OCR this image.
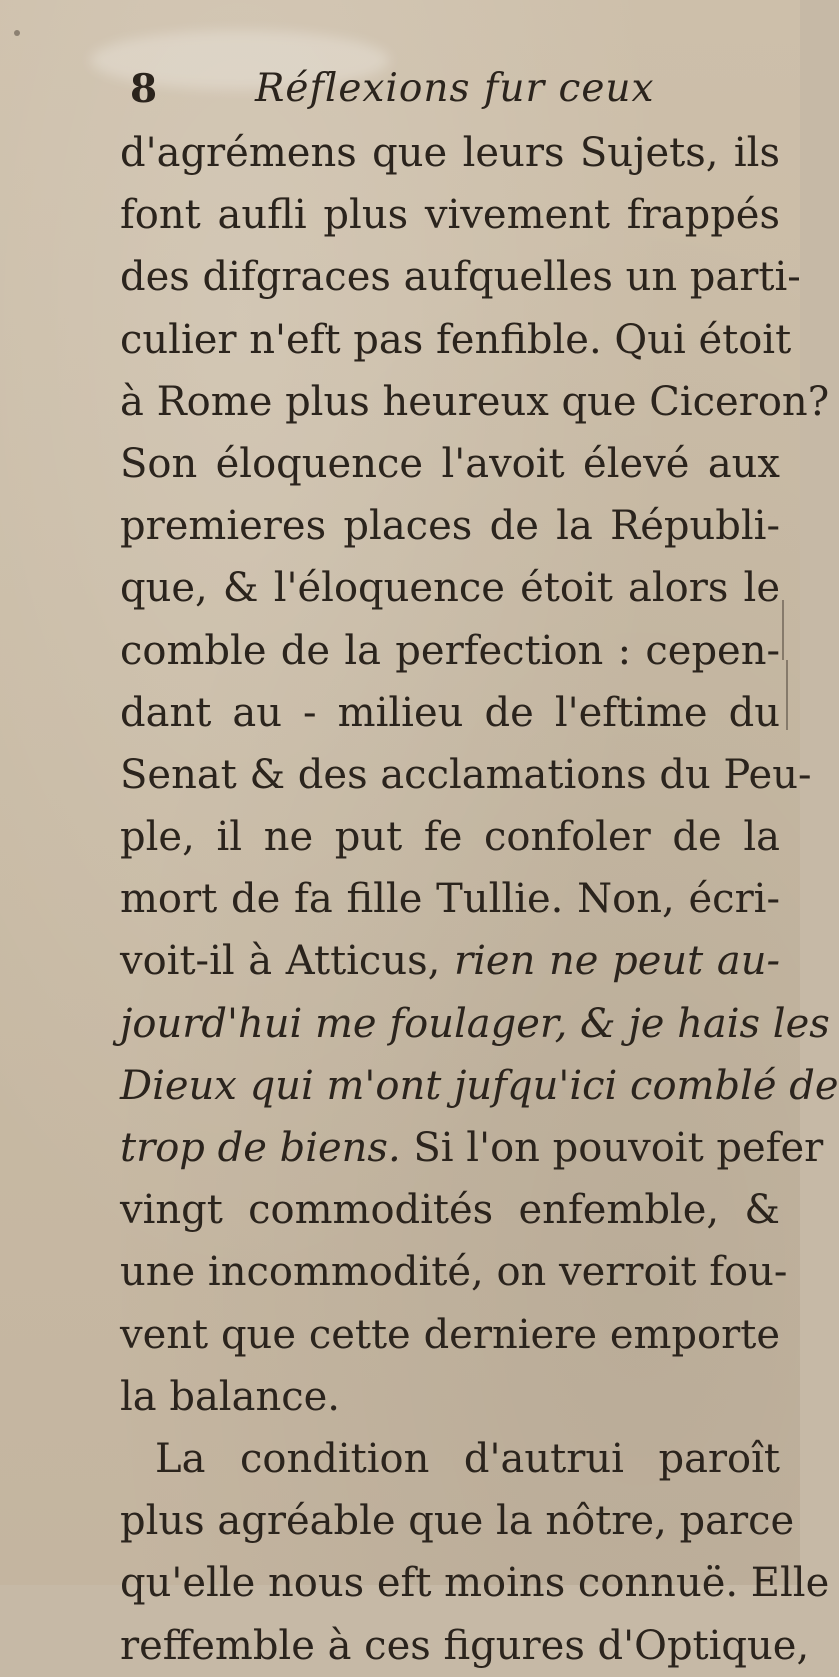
8 Réflexions fur ceux
d'agrémens que leurs Sujets, ils
font aufli plus vivement frappés
des difgraces aufquelles un parti-
culier n'eft pas fenfible. Qui étoit
à Rome plus heureux que Ciceron?
Son éloquence l'avoit élevé aux
premieres places de la Républi-
que, & l'éloquence étoit alors le
comble de la perfection : cepen-
dant au - milieu de l'eftime du
Senat & des acclamations du Peu-
ple, il ne put fe confoler de la
mort de fa fille Tullie. Non, écri-
voit-il à Atticus, rien ne peut au-
jourd'hui me foulager, & je hais les
Dieux qui m'ont jufqu'ici comblé de
trop de biens. Si l'on pouvoit pefer
vingt commodités enfemble, &
une incommodité, on verroit fou-
vent que cette derniere emporte
la balance.
La condition d'autrui paroît
plus agréable que la nôtre, parce
qu'elle nous eft moins connuë. Elle
reffemble à ces figures d'Optique,
